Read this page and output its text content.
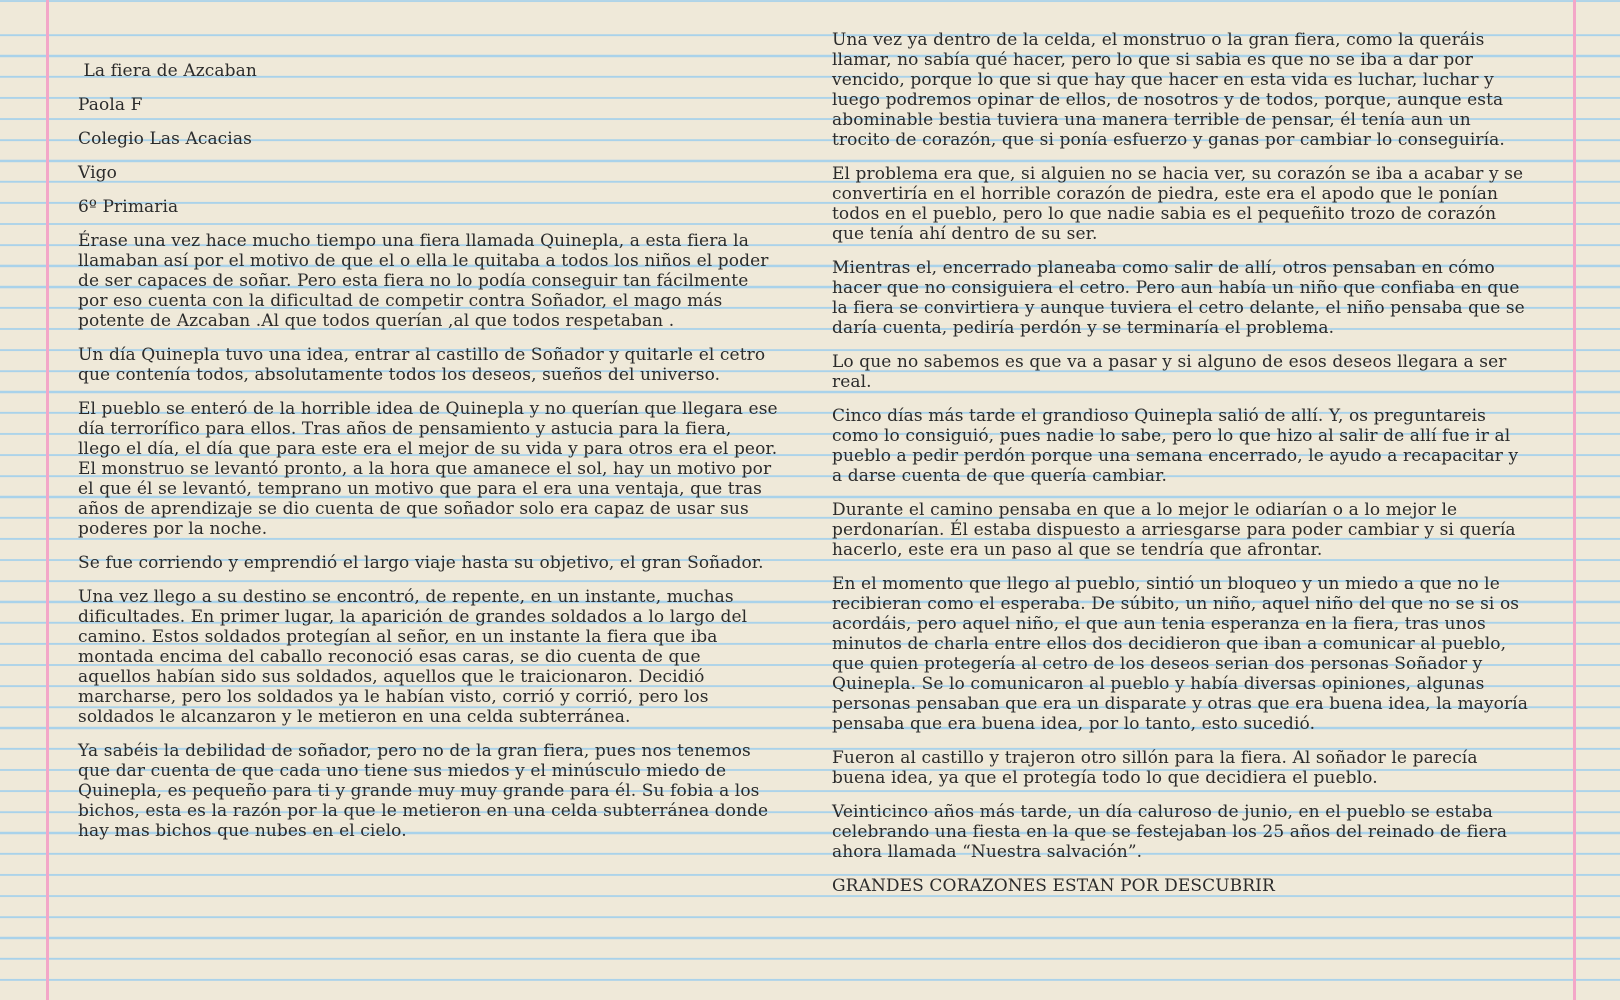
La fiera de Azcaban
Paola F
Colegio Las Acacias
Vigo
6º Primaria

Érase una vez hace mucho tiempo una fiera llamada Quinepla, a esta fiera la llamaban así por el motivo de que el o ella le quitaba a todos los niños el poder de ser capaces de soñar. Pero esta fiera no lo podía conseguir tan fácilmente por eso cuenta con la dificultad de competir contra Soñador, el mago más potente de Azcaban .Al que todos querían ,al que todos respetaban .

Un día Quinepla tuvo una idea, entrar al castillo de Soñador y quitarle el cetro que contenía todos, absolutamente todos los deseos, sueños del universo.

El pueblo se enteró de la horrible idea de Quinepla y no querían que llegara ese día terrorífico para ellos. Tras años de pensamiento y astucia para la fiera, llego el día, el día que para este era el mejor de su vida y para otros era el peor. El monstruo se levantó pronto, a la hora que amanece el sol, hay un motivo por el que él se levantó, temprano un motivo que para el era una ventaja, que tras años de aprendizaje se dio cuenta de que soñador solo era capaz de usar sus poderes por la noche.

Se fue corriendo y emprendió el largo viaje hasta su objetivo, el gran Soñador.

Una vez llego a su destino se encontró, de repente, en un instante, muchas dificultades. En primer lugar, la aparición de grandes soldados a lo largo del camino. Estos soldados protegían al señor, en un instante la fiera que iba montada encima del caballo reconoció esas caras, se dio cuenta de que aquellos habían sido sus soldados, aquellos que le traicionaron. Decidió marcharse, pero los soldados ya le habían visto, corrió y corrió, pero los soldados le alcanzaron y le metieron en una celda subterránea.

Ya sabéis la debilidad de soñador, pero no de la gran fiera, pues nos tenemos que dar cuenta de que cada uno tiene sus miedos y el minúsculo miedo de Quinepla, es pequeño para ti y grande muy muy grande para él. Su fobia a los bichos, esta es la razón por la que le metieron en una celda subterránea donde hay mas bichos que nubes en el cielo.

Una vez ya dentro de la celda, el monstruo o la gran fiera, como la queráis llamar, no sabía qué hacer, pero lo que si sabia es que no se iba a dar por vencido, porque lo que si que hay que hacer en esta vida es luchar, luchar y luego podremos opinar de ellos, de nosotros y de todos, porque, aunque esta abominable bestia tuviera una manera terrible de pensar, él tenía aun un trocito de corazón, que si ponía esfuerzo y ganas por cambiar lo conseguiría.

El problema era que, si alguien no se hacia ver, su corazón se iba a acabar y se convertiría en el horrible corazón de piedra, este era el apodo que le ponían todos en el pueblo, pero lo que nadie sabia es el pequeñito trozo de corazón que tenía ahí dentro de su ser.

Mientras el, encerrado planeaba como salir de allí, otros pensaban en cómo hacer que no consiguiera el cetro. Pero aun había un niño que confiaba en que la fiera se convirtiera y aunque tuviera el cetro delante, el niño pensaba que se daría cuenta, pediría perdón y se terminaría el problema.

Lo que no sabemos es que va a pasar y si alguno de esos deseos llegara a ser real.

Cinco días más tarde el grandioso Quinepla salió de allí. Y, os preguntareis como lo consiguió, pues nadie lo sabe, pero lo que hizo al salir de allí fue ir al pueblo a pedir perdón porque una semana encerrado, le ayudo a recapacitar y a darse cuenta de que quería cambiar.

Durante el camino pensaba en que a lo mejor le odiarían o a lo mejor le perdonarían. Él estaba dispuesto a arriesgarse para poder cambiar y si quería hacerlo, este era un paso al que se tendría que afrontar.

En el momento que llego al pueblo, sintió un bloqueo y un miedo a que no le recibieran como el esperaba. De súbito, un niño, aquel niño del que no se si os acordáis, pero aquel niño, el que aun tenia esperanza en la fiera, tras unos minutos de charla entre ellos dos decidieron que iban a comunicar al pueblo, que quien protegería al cetro de los deseos serian dos personas Soñador y Quinepla. Se lo comunicaron al pueblo y había diversas opiniones, algunas personas pensaban que era un disparate y otras que era buena idea, la mayoría pensaba que era buena idea, por lo tanto, esto sucedió.

Fueron al castillo y trajeron otro sillón para la fiera. Al soñador le parecía buena idea, ya que el protegía todo lo que decidiera el pueblo.

Veinticinco años más tarde, un día caluroso de junio, en el pueblo se estaba celebrando una fiesta en la que se festejaban los 25 años del reinado de fiera ahora llamada “Nuestra salvación”.

GRANDES CORAZONES ESTAN POR DESCUBRIR
